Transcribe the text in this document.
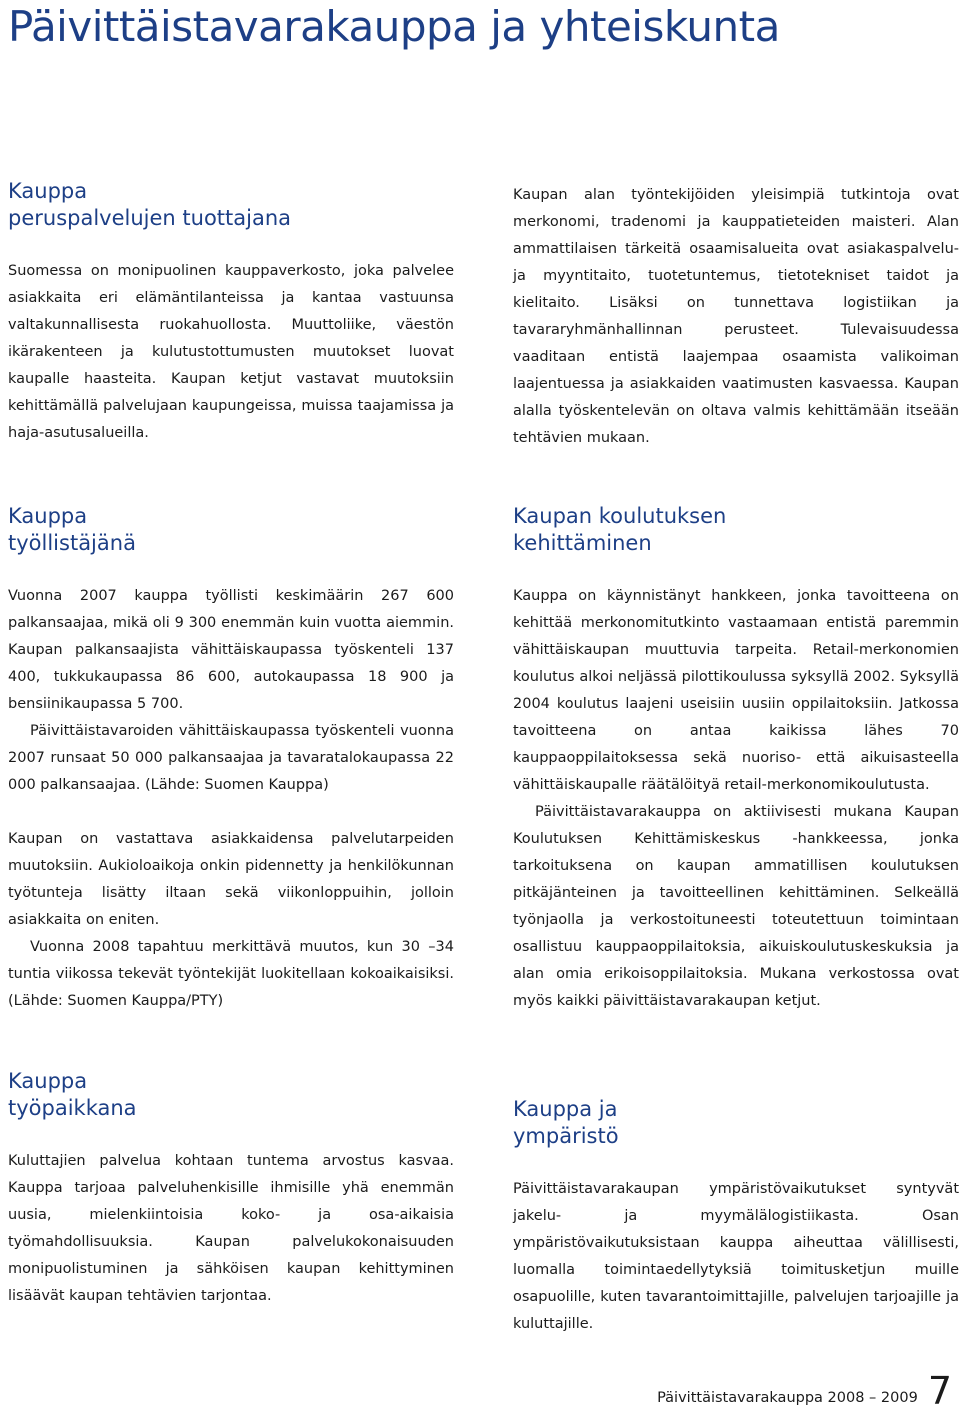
Päivittäistavarakauppa ja yhteiskunta
Kauppa
peruspalvelujen tuottajana

Suomessa on monipuolinen kauppaverkosto, joka palvelee asiakkaita eri elämäntilanteissa ja kantaa vastuunsa valtakunnallisesta ruokahuollosta. Muuttoliike, väestön ikärakenteen ja kulutustottumusten muutokset luovat kaupalle haasteita. Kaupan ketjut vastavat muutoksiin kehittämällä palvelujaan kaupungeissa, muissa taajamissa ja haja-asutusalueilla.

Kaupan alan työntekijöiden yleisimpiä tutkintoja ovat merkonomi, tradenomi ja kauppatieteiden maisteri. Alan ammattilaisen tärkeitä osaamisalueita ovat asiakaspalvelu- ja myyntitaito, tuotetuntemus, tietotekniset taidot ja kielitaito. Lisäksi on tunnettava logistiikan ja tavararyhmänhallinnan perusteet. Tulevaisuudessa vaaditaan entistä laajempaa osaamista valikoiman laajentuessa ja asiakkaiden vaatimusten kasvaessa. Kaupan alalla työskentelevän on oltava valmis kehittämään itseään tehtävien mukaan.

Kauppa
työllistäjänä

Vuonna 2007 kauppa työllisti keskimäärin 267 600 palkansaajaa, mikä oli 9 300 enemmän kuin vuotta aiemmin. Kaupan palkansaajista vähittäiskaupassa työskenteli 137 400, tukkukaupassa 86 600, autokaupassa 18 900 ja bensiinikaupassa 5 700.

Päivittäistavaroiden vähittäiskaupassa työskenteli vuonna 2007 runsaat 50 000 palkansaajaa ja tavaratalokaupassa 22 000 palkansaajaa. (Lähde: Suomen Kauppa)

Kaupan on vastattava asiakkaidensa palvelutarpeiden muutoksiin. Aukioloaikoja onkin pidennetty ja henkilökunnan työtunteja lisätty iltaan sekä viikonloppuihin, jolloin asiakkaita on eniten.

Vuonna 2008 tapahtuu merkittävä muutos, kun 30 –34 tuntia viikossa tekevät työntekijät luokitellaan kokoaikaisiksi. (Lähde: Suomen Kauppa/PTY)

Kaupan koulutuksen
kehittäminen

Kauppa on käynnistänyt hankkeen, jonka tavoitteena on kehittää merkonomitutkinto vastaamaan entistä paremmin vähittäiskaupan muuttuvia tarpeita. Retail-merkonomien koulutus alkoi neljässä pilottikoulussa syksyllä 2002. Syksyllä 2004 koulutus laajeni useisiin uusiin oppilaitoksiin. Jatkossa tavoitteena on antaa kaikissa lähes 70 kauppaoppilaitoksessa sekä nuoriso- että aikuisasteella vähittäiskaupalle räätälöityä retail-merkonomikoulutusta.

Päivittäistavarakauppa on aktiivisesti mukana Kaupan Koulutuksen Kehittämiskeskus -hankkeessa, jonka tarkoituksena on kaupan ammatillisen koulutuksen pitkäjänteinen ja tavoitteellinen kehittäminen. Selkeällä työnjaolla ja verkostoituneesti toteutettuun toimintaan osallistuu kauppaoppilaitoksia, aikuiskoulutuskeskuksia ja alan omia erikoisoppilaitoksia. Mukana verkostossa ovat myös kaikki päivittäistavarakaupan ketjut.

Kauppa
työpaikkana

Kuluttajien palvelua kohtaan tuntema arvostus kasvaa. Kauppa tarjoaa palveluhenkisille ihmisille yhä enemmän uusia, mielenkiintoisia koko- ja osa-aikaisia työmahdollisuuksia. Kaupan palvelukokonaisuuden monipuolistuminen ja sähköisen kaupan kehittyminen lisäävät kaupan tehtävien tarjontaa.

Kauppa ja
ympäristö

Päivittäistavarakaupan ympäristövaikutukset syntyvät jakelu- ja myymälälogistiikasta. Osan ympäristövaikutuksistaan kauppa aiheuttaa välillisesti, luomalla toimintaedellytyksiä toimitusketjun muille osapuolille, kuten tavarantoimittajille, palvelujen tarjoajille ja kuluttajille.

Päivittäistavarakauppa 2008 – 2009 7
